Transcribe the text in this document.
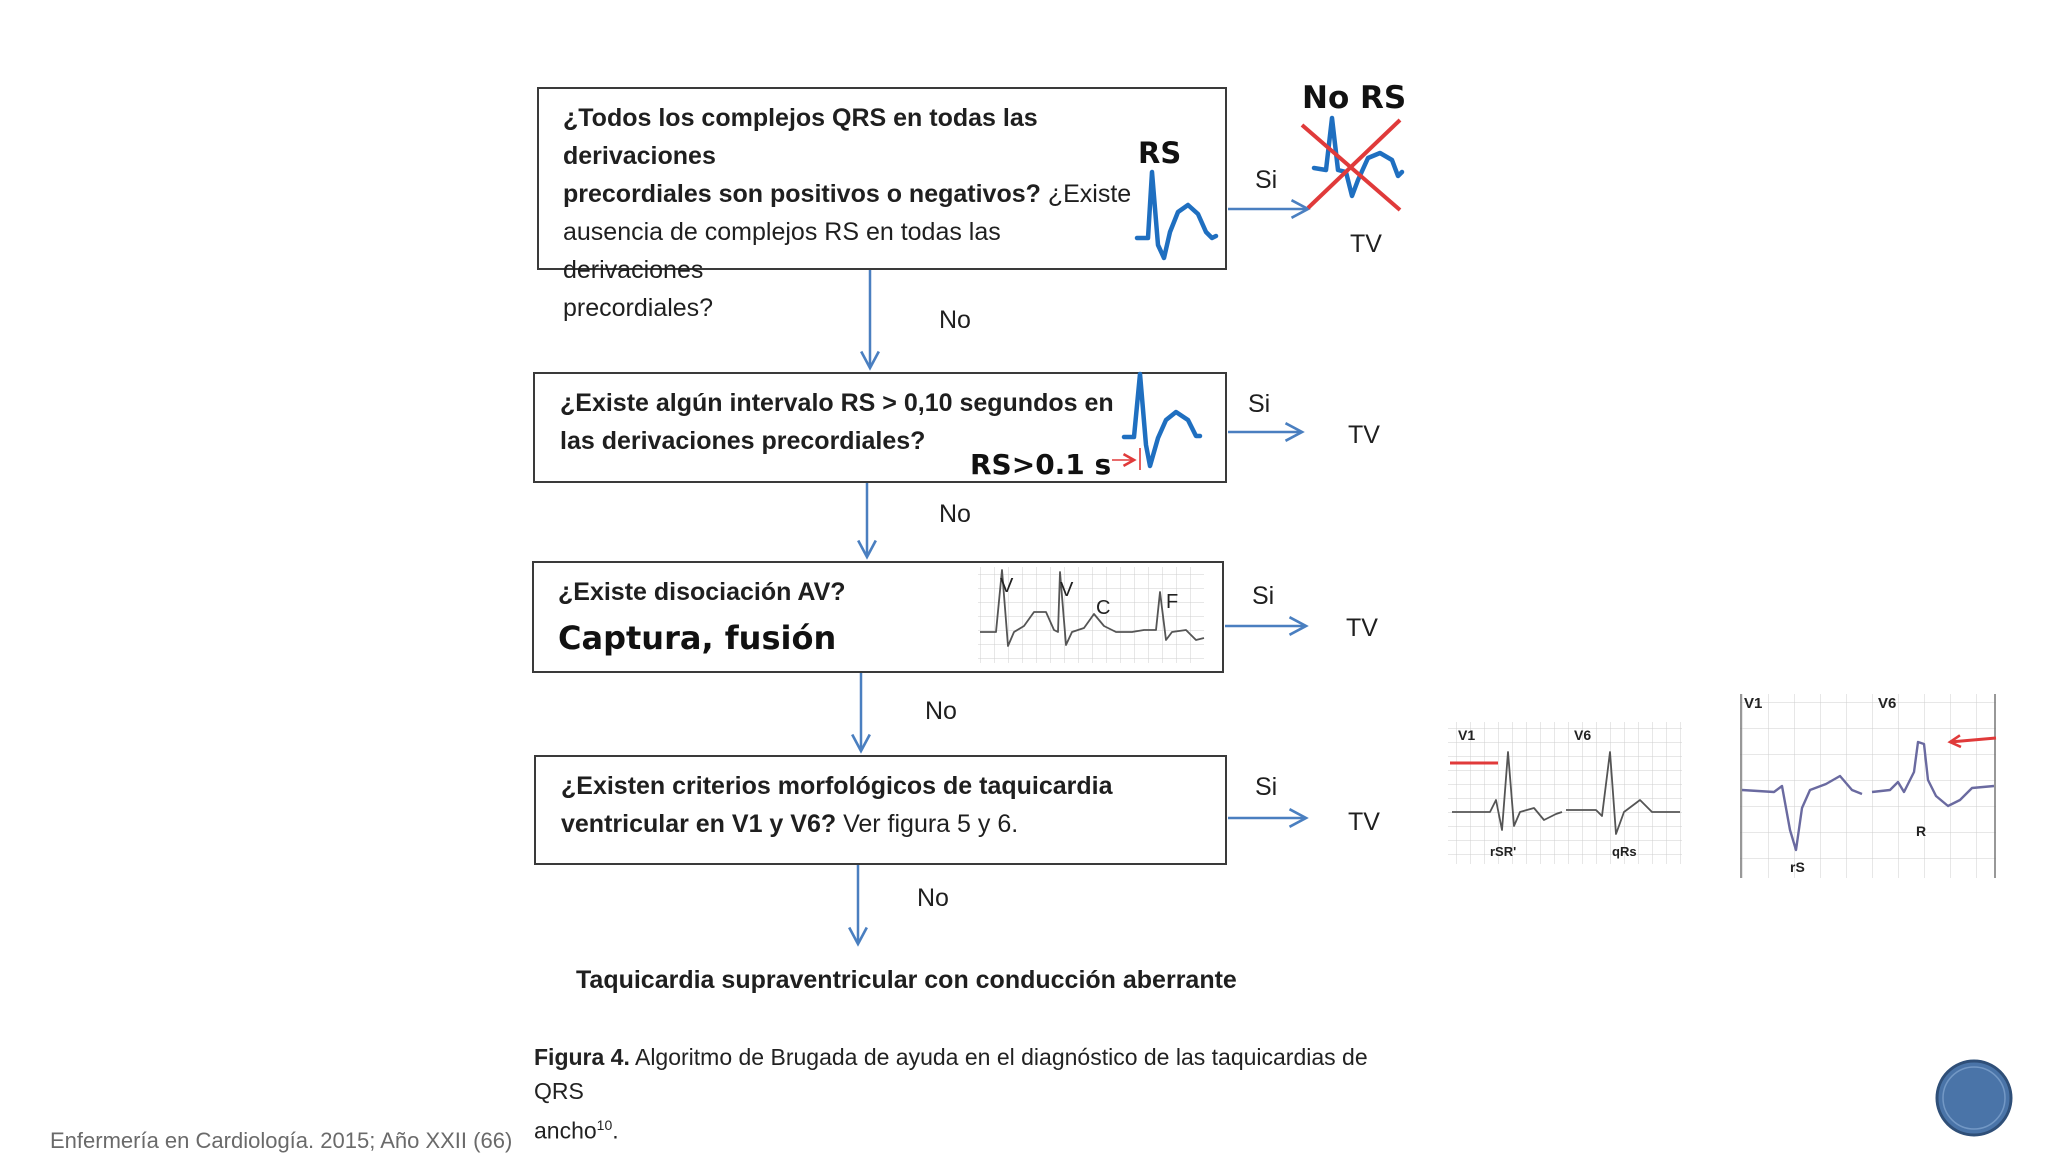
¿Todos los complejos QRS en todas las derivaciones
precordiales son positivos o negativos? ¿Existe
ausencia de complejos RS en todas las derivaciones
precordiales?
RS
¿Existe algún intervalo RS > 0,10 segundos en
las derivaciones precordiales?
RS>0.1 s
¿Existe disociación AV?
Captura, fusión
¿Existen criterios morfológicos de taquicardia
ventricular en V1 y V6? Ver figura 5 y 6.
Si
No RS
TV
No
Si
TV
No
Si
TV
No
Si
TV
No
Taquicardia supraventricular con conducción aberrante
Figura 4. Algoritmo de Brugada de ayuda en el diagnóstico de las taquicardias de QRS
ancho$^{10}$.
Enfermería en Cardiología. 2015; Año XXII (66)
V V
C	F
V1	V6
rSR'	qRs
V1	V6
rS
R
